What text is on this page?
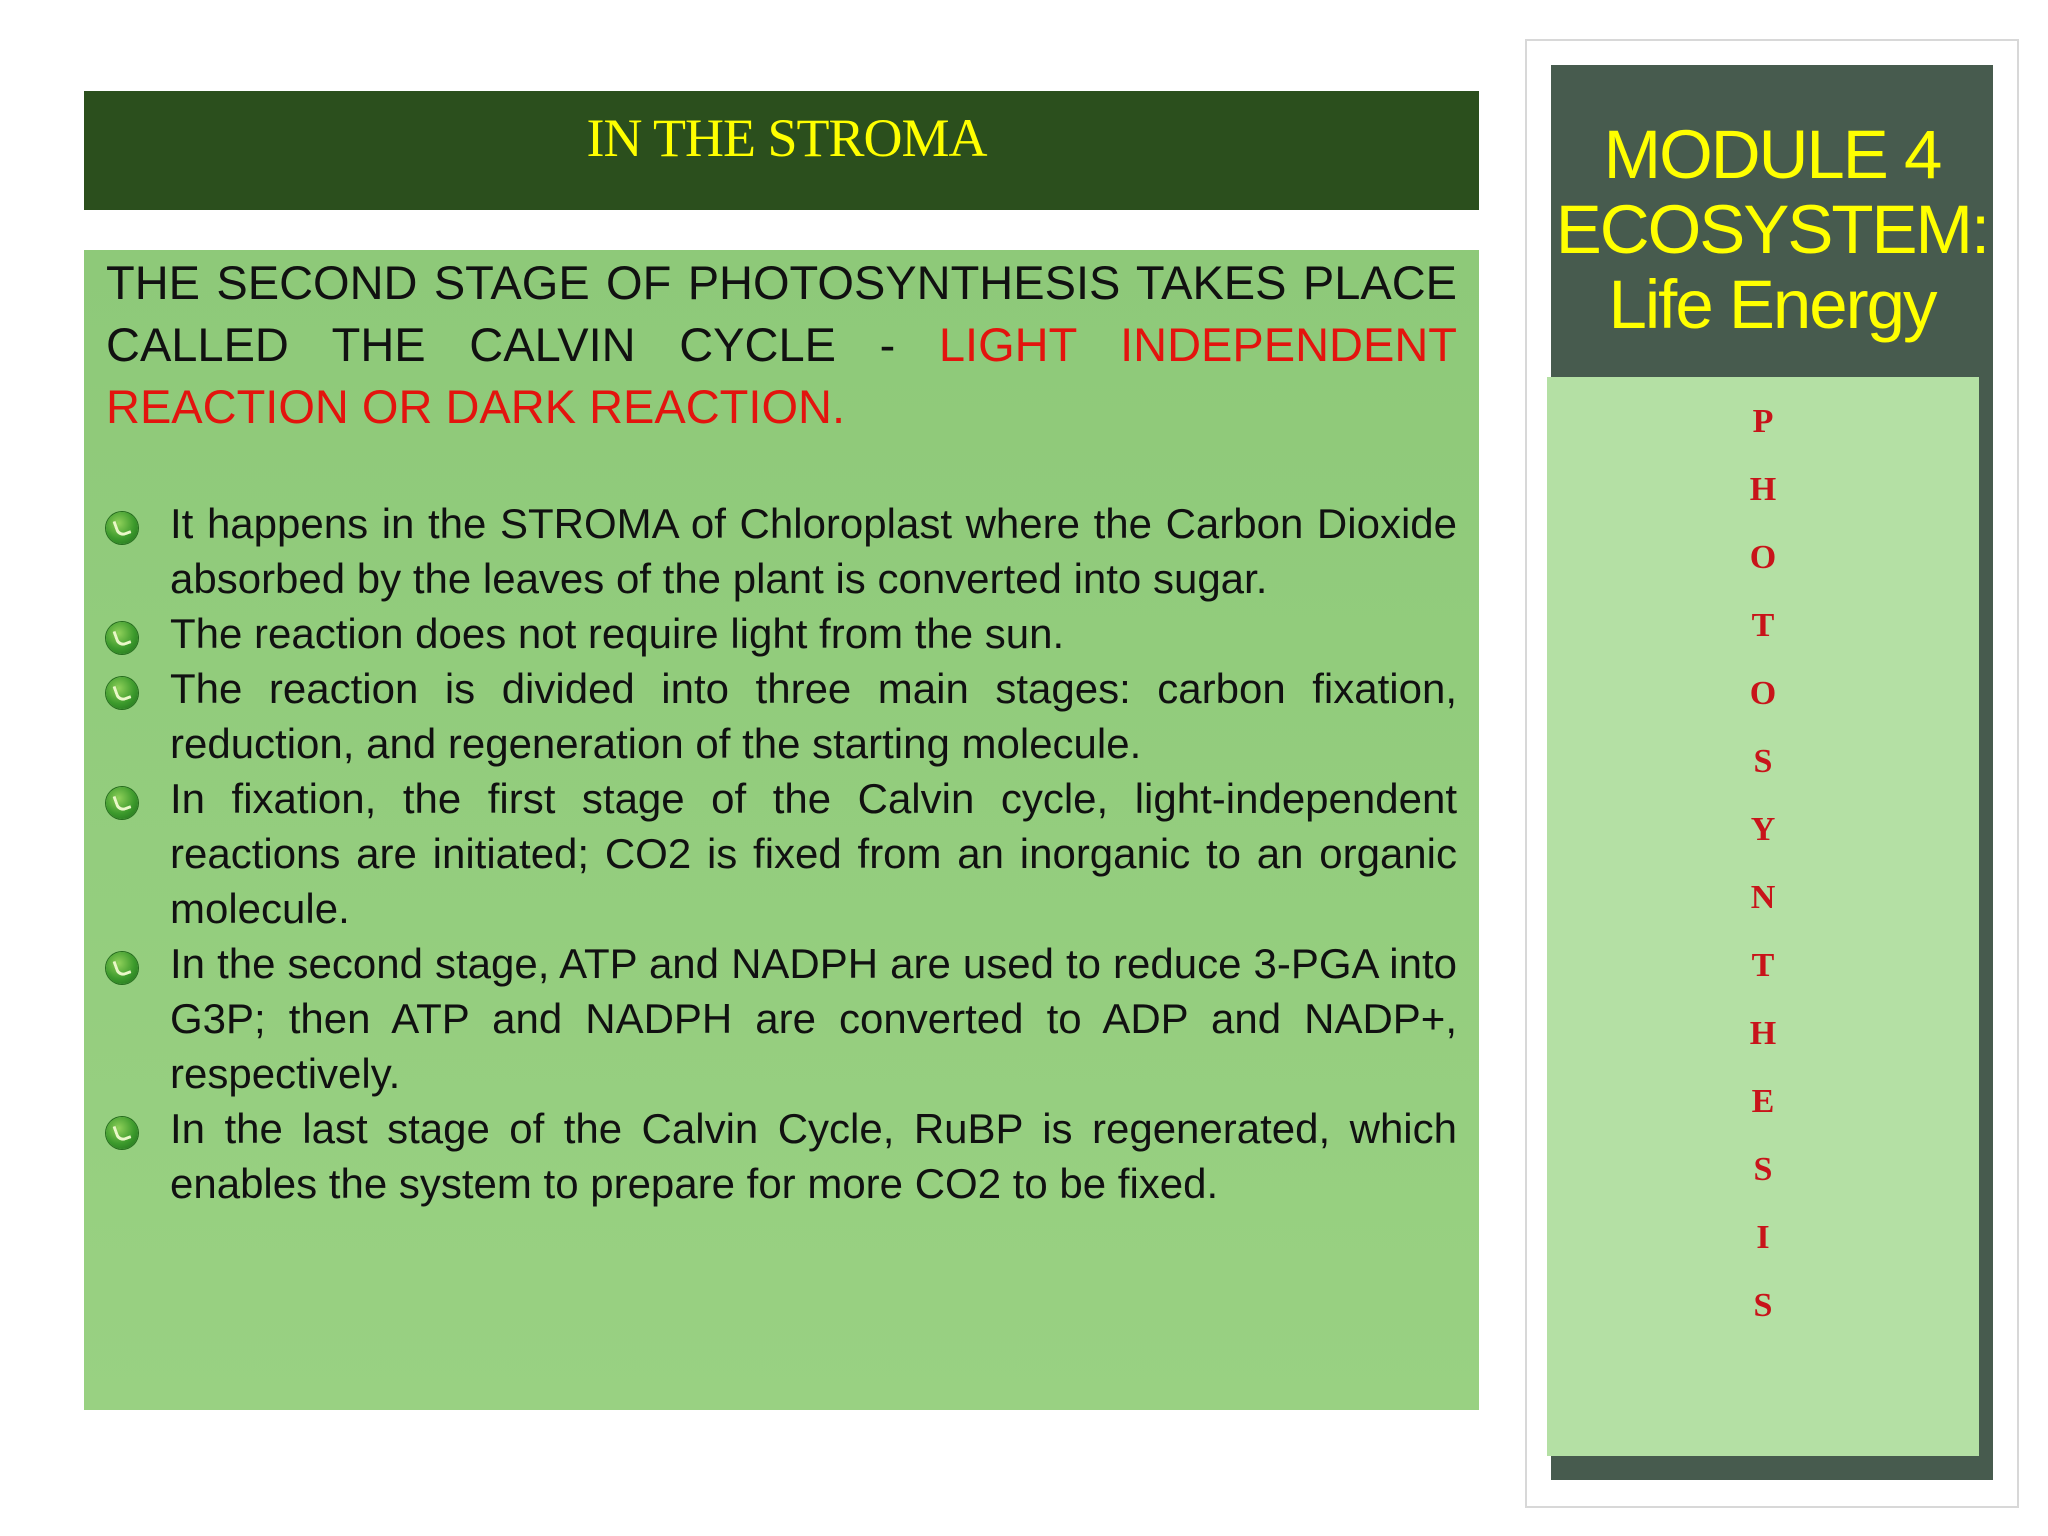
IN THE STROMA
THE SECOND STAGE OF PHOTOSYNTHESIS TAKES PLACE CALLED THE CALVIN CYCLE - LIGHT INDEPENDENT REACTION OR DARK REACTION.
It happens in the STROMA of Chloroplast where the Carbon Dioxide absorbed by the leaves of the plant is converted into sugar.
The reaction does not require light from the sun.
The reaction is divided into three main stages: carbon fixation, reduction, and regeneration of the starting molecule.
In fixation, the first stage of the Calvin cycle, light-independent reactions are initiated; CO2 is fixed from an inorganic to an organic molecule.
In the second stage, ATP and NADPH are used to reduce 3-PGA into G3P; then ATP and NADPH are converted to ADP and NADP+, respectively.
In the last stage of the Calvin Cycle, RuBP is regenerated, which enables the system to prepare for more CO2 to be fixed.
MODULE 4
ECOSYSTEM:
Life Energy
P
H
O
T
O
S
Y
N
T
H
E
S
I
S
